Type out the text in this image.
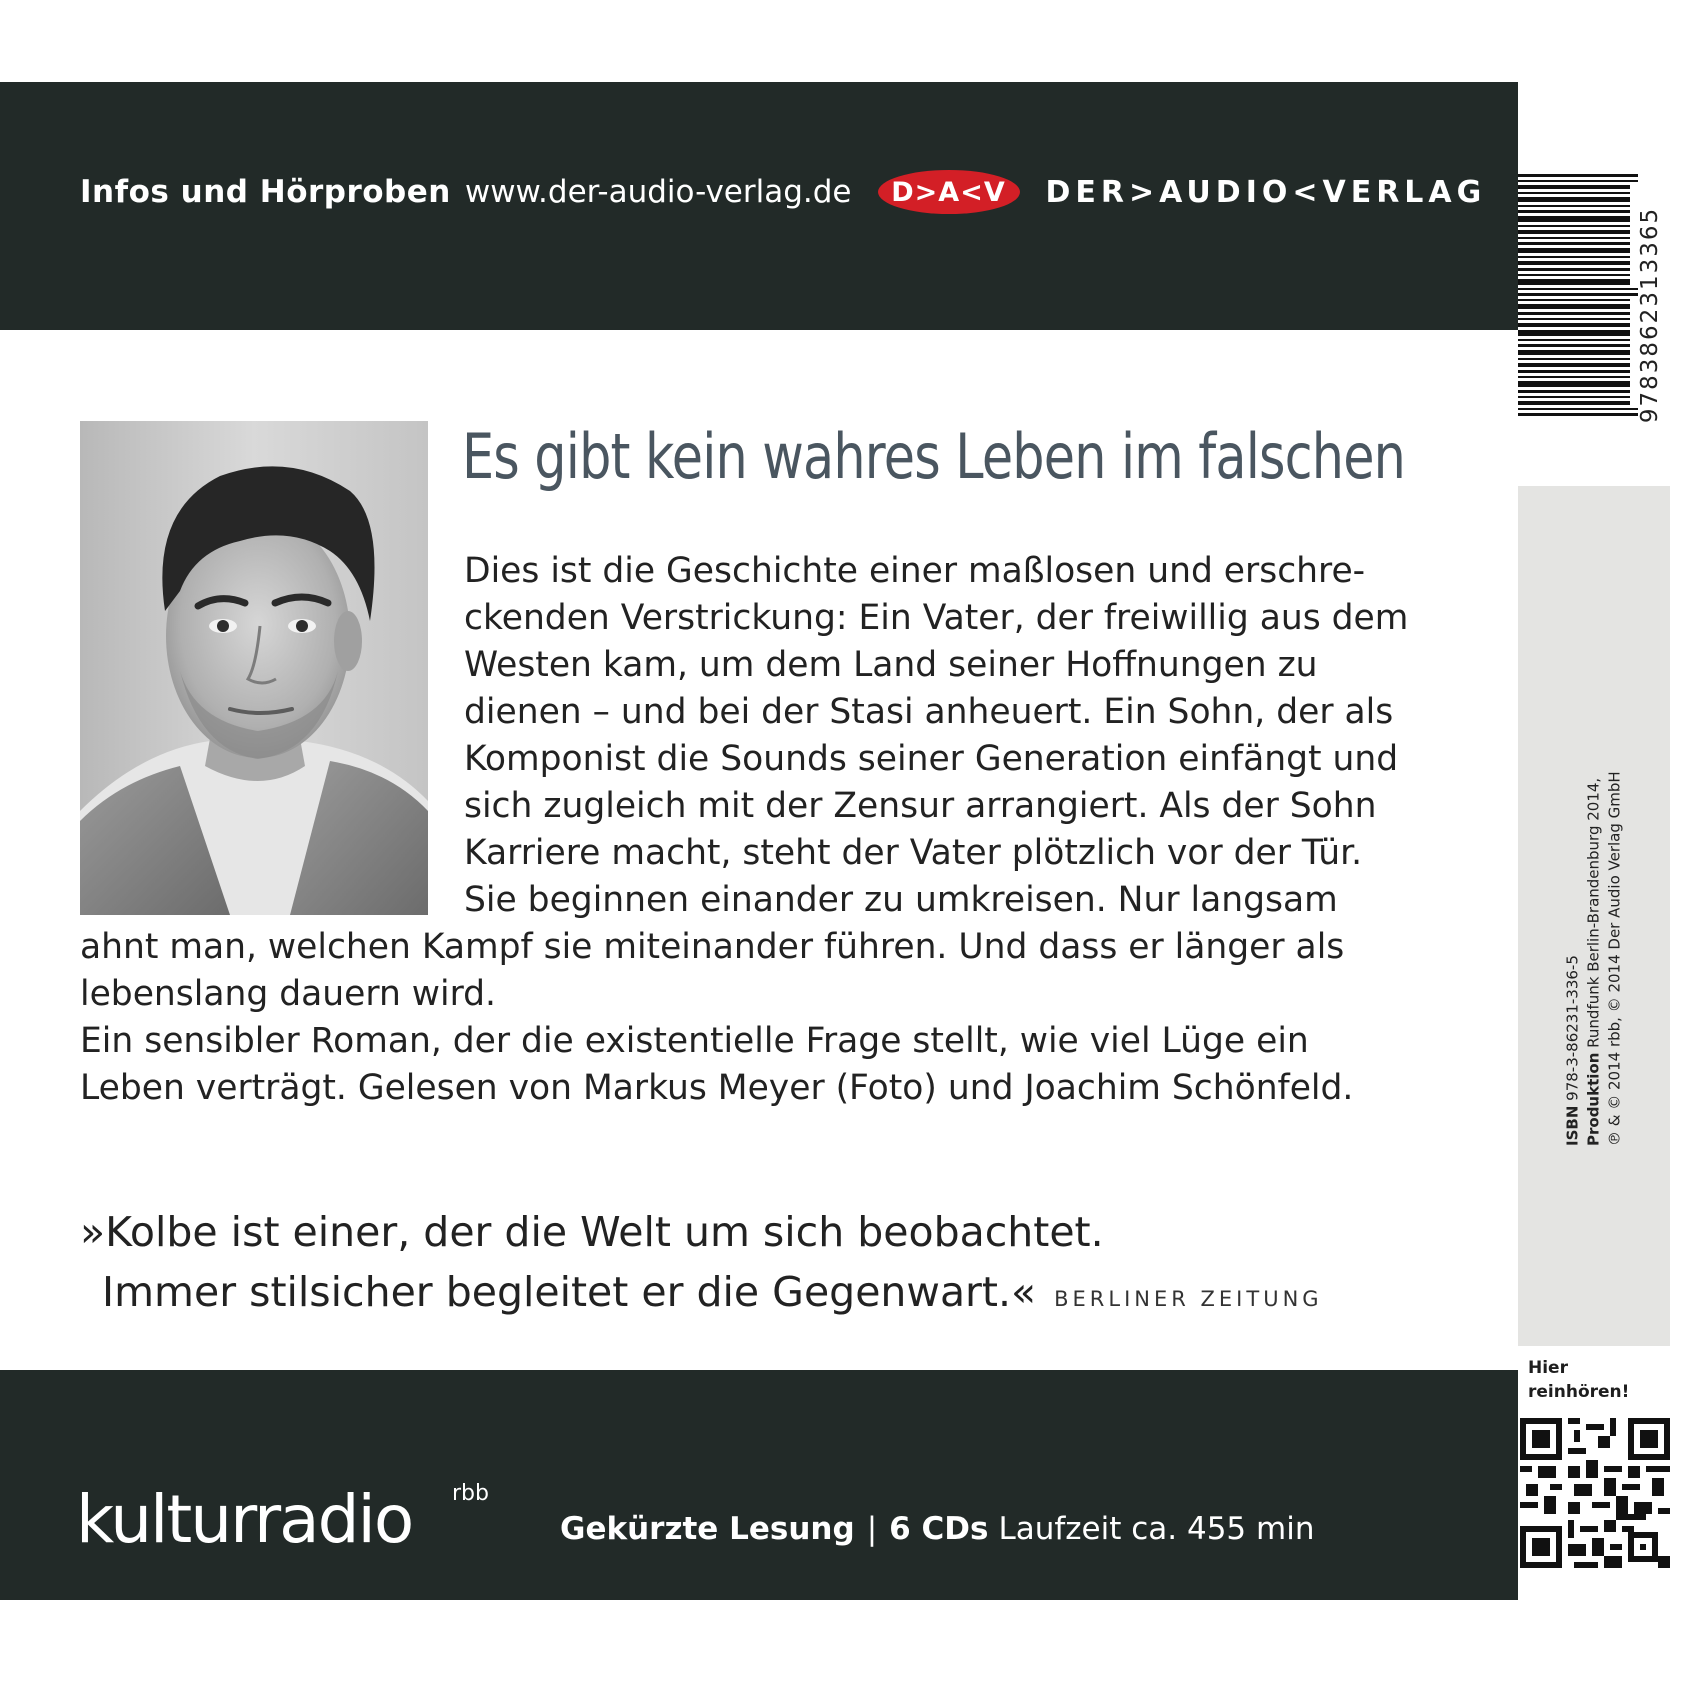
Infos und Hörproben www.der-audio-verlag.de	D>A<V	DER>AUDIO<VERLAG
9783862313365
ISBN 978-3-86231-336-5 Produktion Rundfunk Berlin-Brandenburg 2014, ℗ & © 2014 rbb, © 2014 Der Audio Verlag GmbH
Hier
reinhören!
Es gibt kein wahres Leben im falschen
Dies ist die Geschichte einer maßlosen und erschre-
ckenden Verstrickung: Ein Vater, der freiwillig aus dem
Westen kam, um dem Land seiner Hoffnungen zu
dienen – und bei der Stasi anheuert. Ein Sohn, der als
Komponist die Sounds seiner Generation einfängt und
sich zugleich mit der Zensur arrangiert. Als der Sohn
Karriere macht, steht der Vater plötzlich vor der Tür.
Sie beginnen einander zu umkreisen. Nur langsam
ahnt man, welchen Kampf sie miteinander führen. Und dass er länger als
lebenslang dauern wird.
Ein sensibler Roman, der die existentielle Frage stellt, wie viel Lüge ein
Leben verträgt. Gelesen von Markus Meyer (Foto) und Joachim Schönfeld.
»Kolbe ist einer, der die Welt um sich beobachtet.
Immer stilsicher begleitet er die Gegenwart.« BERLINER ZEITUNG
kulturradio rbb
Gekürzte Lesung | 6 CDs Laufzeit ca. 455 min
